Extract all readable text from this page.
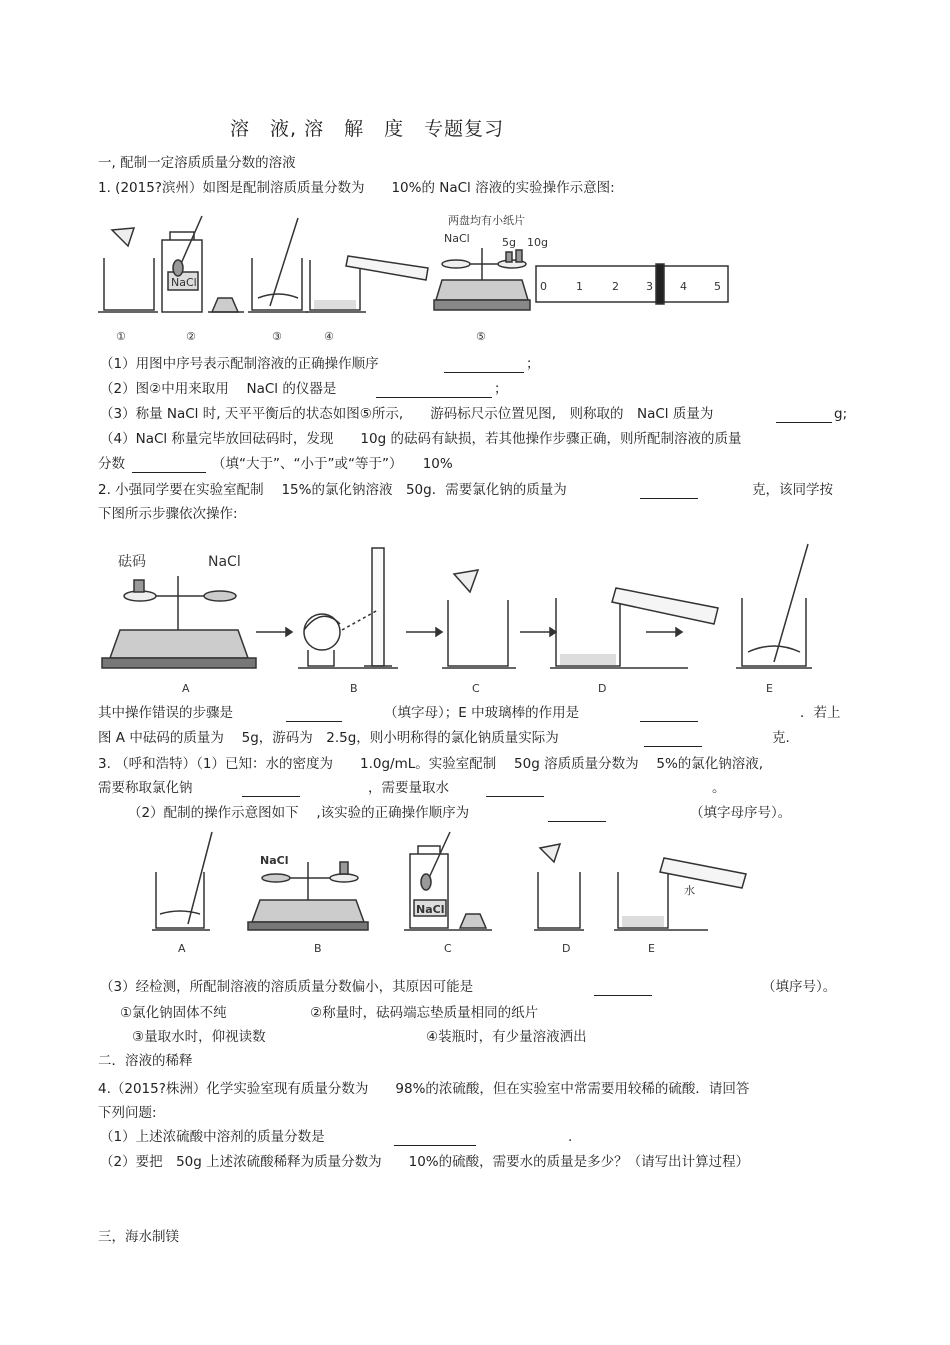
溶　液, 溶　解　度　专题复习
一, 配制一定溶质质量分数的溶液
1. (2015?滨州）如图是配制溶质质量分数为　　10%的 NaCl 溶液的实验操作示意图:
①	②	③	④	⑤
两盘均有小纸片
NaCl	5g　10g
NaCl	0	1	2 3 4 5
（1）用图中序号表示配制溶液的正确操作顺序　	；
（2）图②中用来取用　 NaCl 的仪器是　	；
（3）称量 NaCl 时, 天平平衡后的状态如图⑤所示,　　游码标尺示位置见图,　则称取的　NaCl 质量为	g;
（4）NaCl 称量完毕放回砝码时，发现　　10g 的砝码有缺损，若其他操作步骤正确，则所配制溶液的质量
分数	（填“大于”、“小于”或“等于”）　　10%
2. 小强同学要在实验室配制　 15%的氯化钠溶液　50g．需要氯化钠的质量为	克，该同学按
下图所示步骤依次操作:
砝码	NaCl
A	B	C	D	E
其中操作错误的步骤是	（填字母）；E 中玻璃棒的作用是	．若上
图 A 中砝码的质量为　 5g，游码为　2.5g，则小明称得的氯化钠质量实际为	克.
3. （呼和浩特）（1）已知：水的密度为　　1.0g/mL。实验室配制　 50g 溶质质量分数为　 5%的氯化钠溶液,
需要称取氯化钠	，需要量取水	。
（2）配制的操作示意图如下　 ,该实验的正确操作顺序为	（填字母序号）。
NaCl
NaCl
水
A	B	C	D	E
（3）经检测，所配制溶液的溶质质量分数偏小，其原因可能是	（填序号）。
①氯化钠固体不纯	②称量时，砝码端忘垫质量相同的纸片
③量取水时，仰视读数	④装瓶时，有少量溶液洒出
二．溶液的稀释
4.（2015?株洲）化学实验室现有质量分数为　　98%的浓硫酸，但在实验室中常需要用较稀的硫酸．请回答
下列问题:
（1）上述浓硫酸中溶剂的质量分数是	.
（2）要把　50g 上述浓硫酸稀释为质量分数为　　10%的硫酸，需要水的质量是多少？（请写出计算过程）
三，海水制镁
